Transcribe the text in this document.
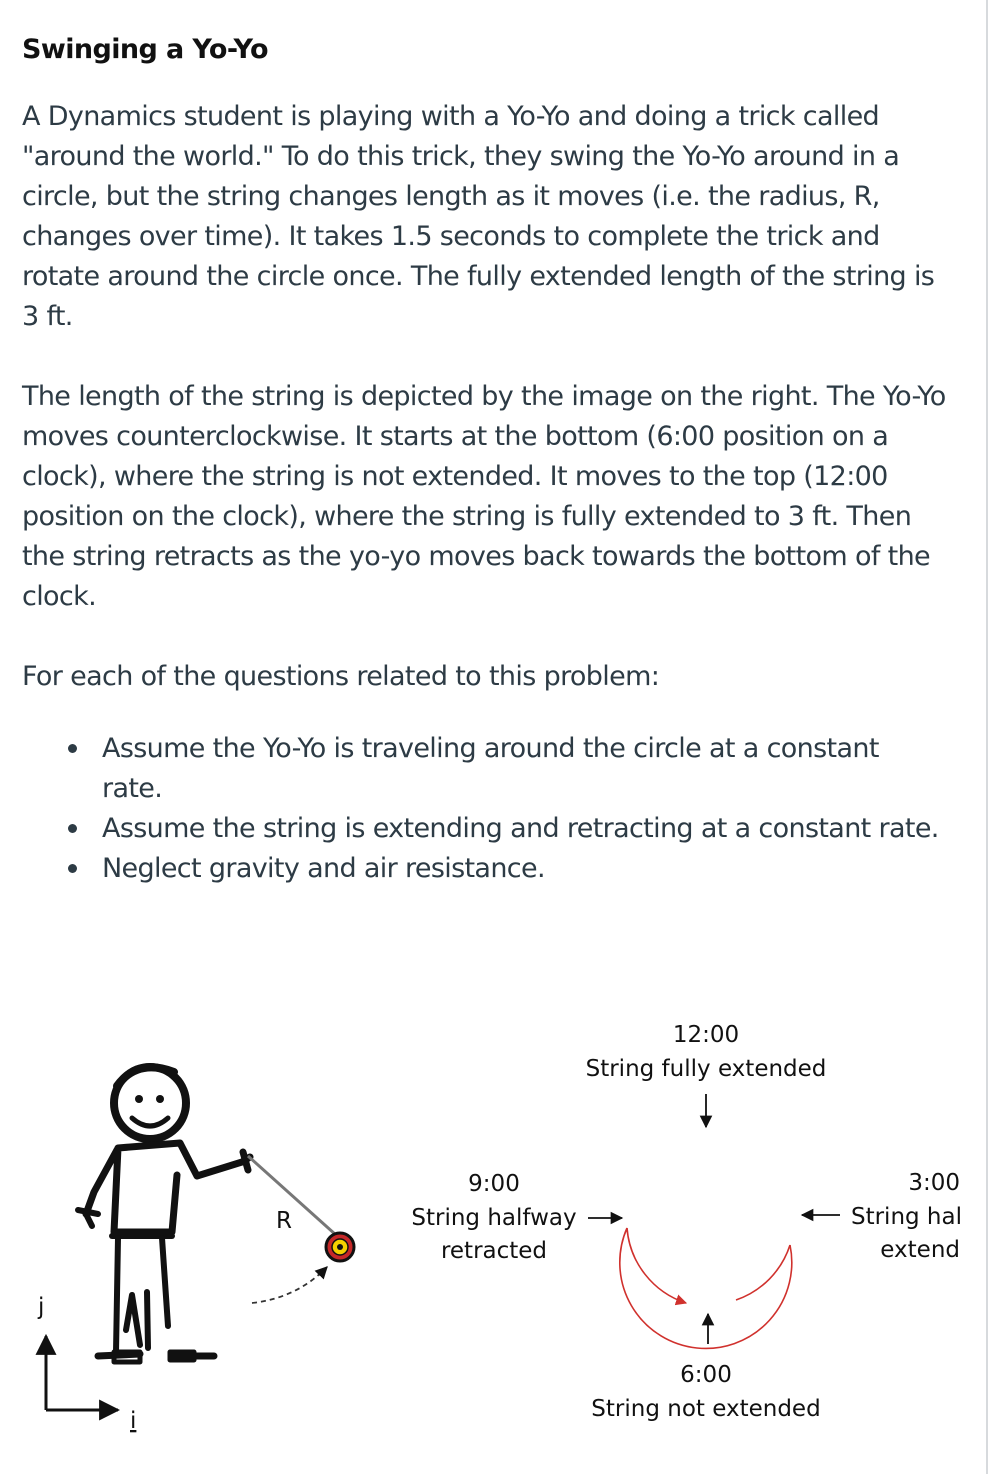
Swinging a Yo-Yo
A Dynamics student is playing with a Yo-Yo and doing a trick called "around the world." To do this trick, they swing the Yo-Yo around in a circle, but the string changes length as it moves (i.e. the radius, R, changes over time). It takes 1.5 seconds to complete the trick and rotate around the circle once. The fully extended length of the string is 3 ft.
The length of the string is depicted by the image on the right. The Yo-Yo moves counterclockwise. It starts at the bottom (6:00 position on a clock), where the string is not extended. It moves to the top (12:00 position on the clock), where the string is fully extended to 3 ft. Then the string retracts as the yo-yo moves back towards the bottom of the clock.
For each of the questions related to this problem:
Assume the Yo-Yo is traveling around the circle at a constant rate.
Assume the string is extending and retracting at a constant rate.
Neglect gravity and air resistance.
R
j
i
12:00
String fully extended
9:00
String halfway
retracted
3:00
String hal
extend
6:00
String not extended
